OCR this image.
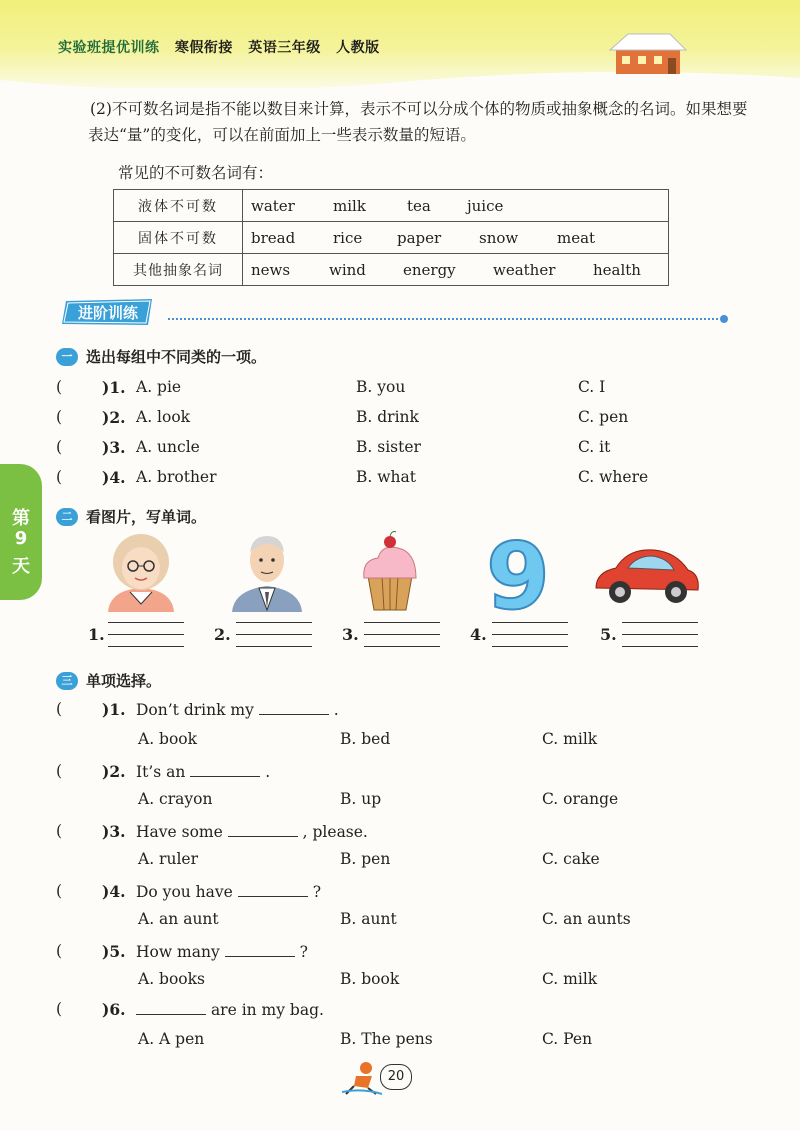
实验班提优训练 寒假衔接 英语三年级 人教版
(2)不可数名词是指不能以数目来计算，表示不可以分成个体的物质或抽象概念的名词。如果想要表达“量”的变化，可以在前面加上一些表示数量的短语。
常见的不可数名词有：
液体不可数	water milk tea juice

固体不可数	bread rice paper snow meat

其他抽象名词	news wind energy weather health
进阶训练
第
9
天
一 选出每组中不同类的一项。
(	)1. A. pie	B. you	C. I
(	)2. A. look	B. drink	C. pen
(	)3. A. uncle	B. sister	C. it
(	)4. A. brother	B. what	C. where
二 看图片，写单词。
9
1.	2.	3.	4.	5.
三 单项选择。
(	)1. Don’t drink my	.
A. book	B. bed	C. milk
(	)2. It’s an	.
A. crayon	B. up	C. orange
(	)3. Have some	, please.
A. ruler	B. pen	C. cake
(	)4. Do you have	?
A. an aunt	B. aunt	C. an aunts
(	)5. How many	?
A. books	B. book	C. milk
(	)6.	are in my bag.
A. A pen	B. The pens	C. Pen
20
